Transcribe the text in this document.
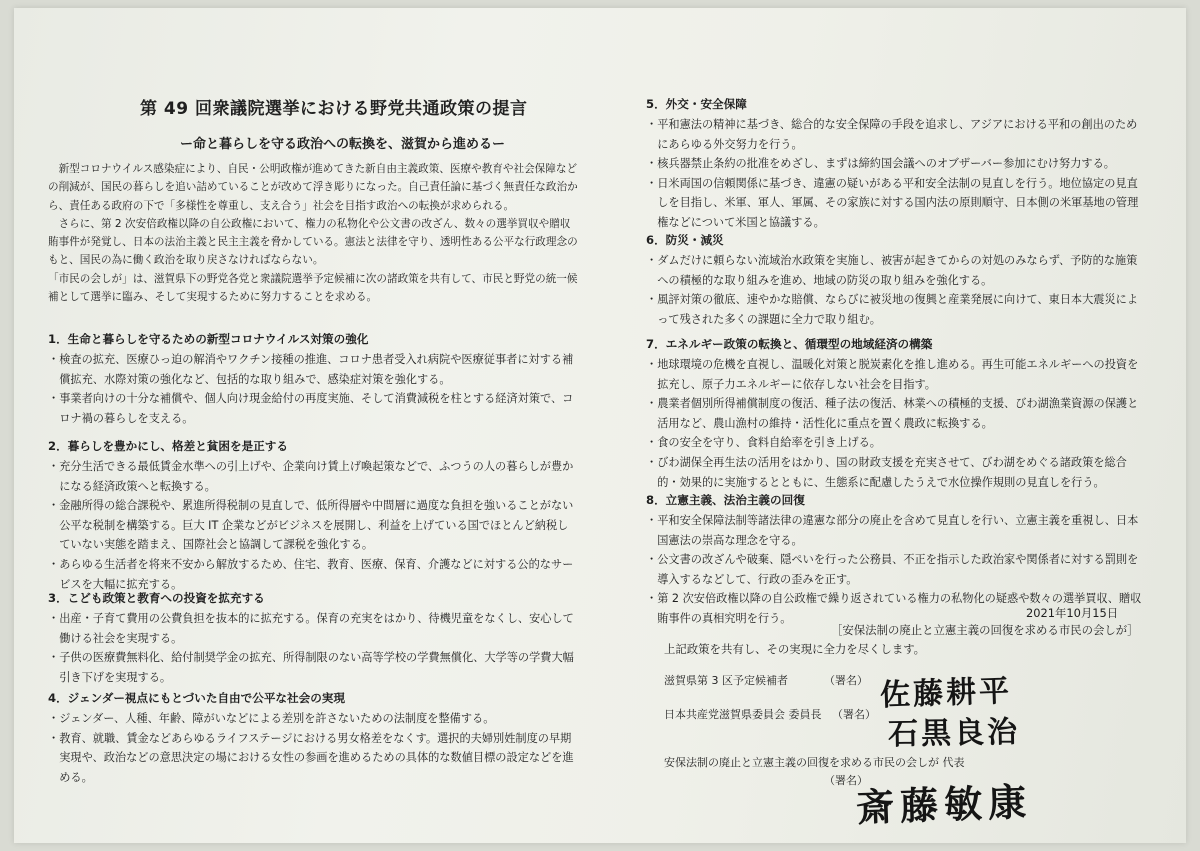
第 49 回衆議院選挙における野党共通政策の提言
ー命と暮らしを守る政治への転換を、滋賀から進めるー

新型コロナウイルス感染症により、自民・公明政権が進めてきた新自由主義政策、医療や教育や社会保障などの削減が、国民の暮らしを追い詰めていることが改めて浮き彫りになった。自己責任論に基づく無責任な政治から、責任ある政府の下で「多様性を尊重し、支え合う」社会を目指す政治への転換が求められる。

さらに、第 2 次安倍政権以降の自公政権において、権力の私物化や公文書の改ざん、数々の選挙買収や贈収賄事件が発覚し、日本の法治主義と民主主義を脅かしている。憲法と法律を守り、透明性ある公平な行政理念のもと、国民の為に働く政治を取り戻さなければならない。

「市民の会しが」は、滋賀県下の野党各党と衆議院選挙予定候補に次の諸政策を共有して、市民と野党の統一候補として選挙に臨み、そして実現するために努力することを求める。

1．生命と暮らしを守るための新型コロナウイルス対策の強化

・検査の拡充、医療ひっ迫の解消やワクチン接種の推進、コロナ患者受入れ病院や医療従事者に対する補償拡充、水際対策の強化など、包括的な取り組みで、感染症対策を強化する。

・事業者向けの十分な補償や、個人向け現金給付の再度実施、そして消費減税を柱とする経済対策で、コロナ禍の暮らしを支える。

2．暮らしを豊かにし、格差と貧困を是正する

・充分生活できる最低賃金水準への引上げや、企業向け賃上げ喚起策などで、ふつうの人の暮らしが豊かになる経済政策へと転換する。

・金融所得の総合課税や、累進所得税制の見直しで、低所得層や中間層に過度な負担を強いることがない公平な税制を構築する。巨大 IT 企業などがビジネスを展開し、利益を上げている国でほとんど納税していない実態を踏まえ、国際社会と協調して課税を強化する。

・あらゆる生活者を将来不安から解放するため、住宅、教育、医療、保育、介護などに対する公的なサービスを大幅に拡充する。

3．こども政策と教育への投資を拡充する

・出産・子育て費用の公費負担を抜本的に拡充する。保育の充実をはかり、待機児童をなくし、安心して働ける社会を実現する。

・子供の医療費無料化、給付制奨学金の拡充、所得制限のない高等学校の学費無償化、大学等の学費大幅引き下げを実現する。

4．ジェンダー視点にもとづいた自由で公平な社会の実現

・ジェンダー、人種、年齢、障がいなどによる差別を許さないための法制度を整備する。

・教育、就職、賃金などあらゆるライフステージにおける男女格差をなくす。選択的夫婦別姓制度の早期実現や、政治などの意思決定の場における女性の参画を進めるための具体的な数値目標の設定などを進める。

5．外交・安全保障

・平和憲法の精神に基づき、総合的な安全保障の手段を追求し、アジアにおける平和の創出のためにあらゆる外交努力を行う。

・核兵器禁止条約の批准をめざし、まずは締約国会議へのオブザーバー参加にむけ努力する。

・日米両国の信頼関係に基づき、違憲の疑いがある平和安全法制の見直しを行う。地位協定の見直しを目指し、米軍、軍人、軍属、その家族に対する国内法の原則順守、日本側の米軍基地の管理権などについて米国と協議する。

6．防災・減災

・ダムだけに頼らない流域治水政策を実施し、被害が起きてからの対処のみならず、予防的な施策への積極的な取り組みを進め、地域の防災の取り組みを強化する。

・風評対策の徹底、速やかな賠償、ならびに被災地の復興と産業発展に向けて、東日本大震災によって残された多くの課題に全力で取り組む。

7．エネルギー政策の転換と、循環型の地域経済の構築

・地球環境の危機を直視し、温暖化対策と脱炭素化を推し進める。再生可能エネルギーへの投資を拡充し、原子力エネルギーに依存しない社会を目指す。

・農業者個別所得補償制度の復活、種子法の復活、林業への積極的支援、びわ湖漁業資源の保護と活用など、農山漁村の維持・活性化に重点を置く農政に転換する。

・食の安全を守り、食料自給率を引き上げる。

・びわ湖保全再生法の活用をはかり、国の財政支援を充実させて、びわ湖をめぐる諸政策を総合的・効果的に実施するとともに、生態系に配慮したうえで水位操作規則の見直しを行う。

8．立憲主義、法治主義の回復

・平和安全保障法制等諸法律の違憲な部分の廃止を含めて見直しを行い、立憲主義を重視し、日本国憲法の崇高な理念を守る。

・公文書の改ざんや破棄、隠ぺいを行った公務員、不正を指示した政治家や関係者に対する罰則を導入するなどして、行政の歪みを正す。

・第 2 次安倍政権以降の自公政権で繰り返されている権力の私物化の疑惑や数々の選挙買収、贈収賄事件の真相究明を行う。	2021年10月15日
［安保法制の廃止と立憲主義の回復を求める市民の会しが］
上記政策を共有し、その実現に全力を尽くします。
滋賀県第 3 区予定候補者	（署名） 佐藤耕平
日本共産党滋賀県委員会 委員長 （署名）
石黒良治
安保法制の廃止と立憲主義の回復を求める市民の会しが 代表
（署名）
斎藤敏康
